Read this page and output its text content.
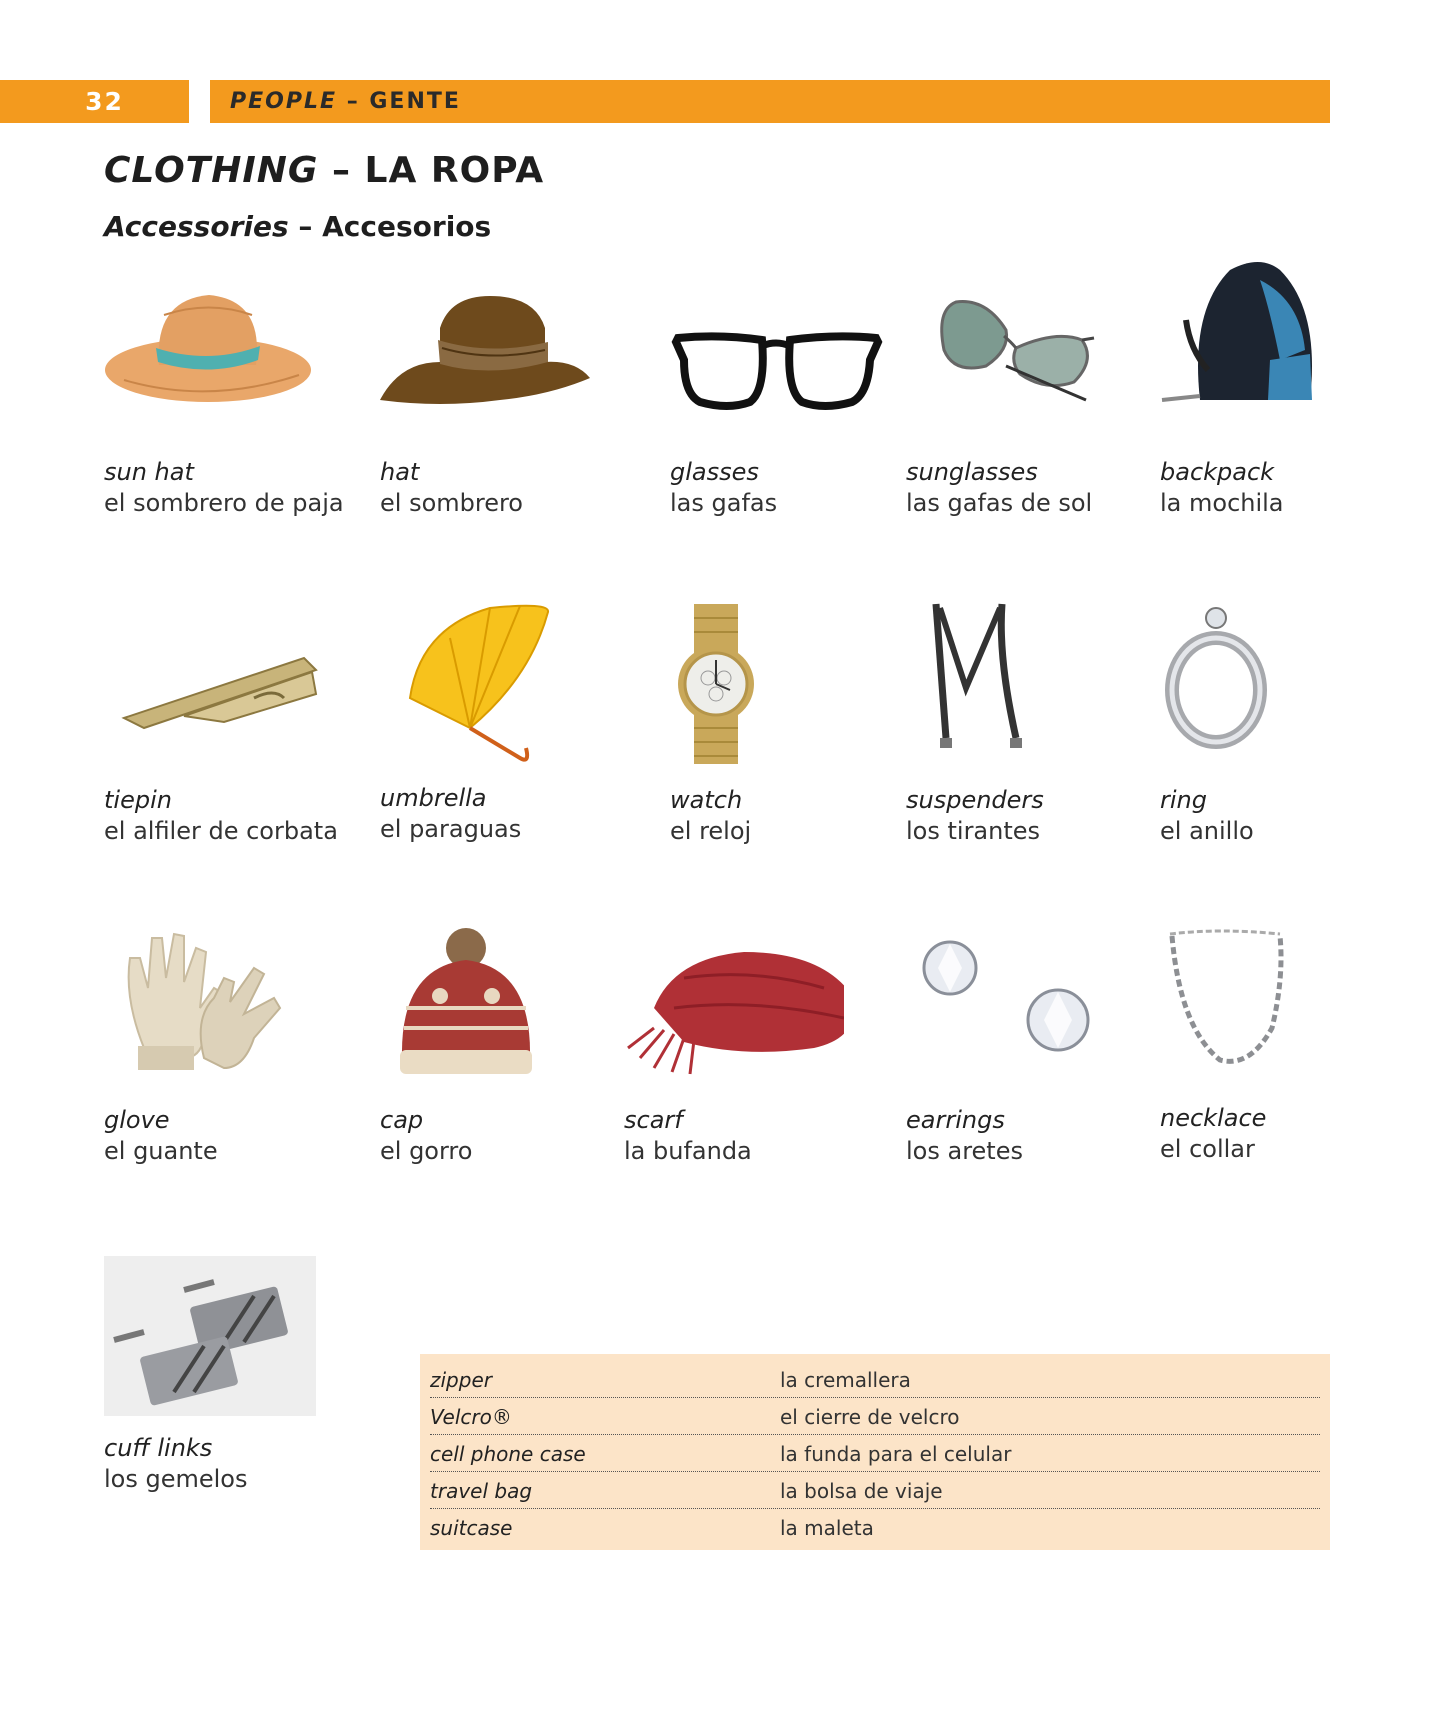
32	PEOPLE
–
GENTE
CLOTHING – LA ROPA
Accessories – Accesorios
sun hat
el sombrero de paja
hat
el sombrero
glasses
las gafas
sunglasses
las gafas de sol
backpack
la mochila
tiepin
el alfiler de corbata
umbrella
el paraguas
watch
el reloj
suspenders
los tirantes
ring
el anillo
glove
el guante
cap
el gorro
scarf
la bufanda
earrings
los aretes
necklace
el collar
cuff links
los gemelos
zipper	la cremallera
Velcro®	el cierre de velcro
cell phone case	la funda para el celular
travel bag	la bolsa de viaje
suitcase	la maleta
